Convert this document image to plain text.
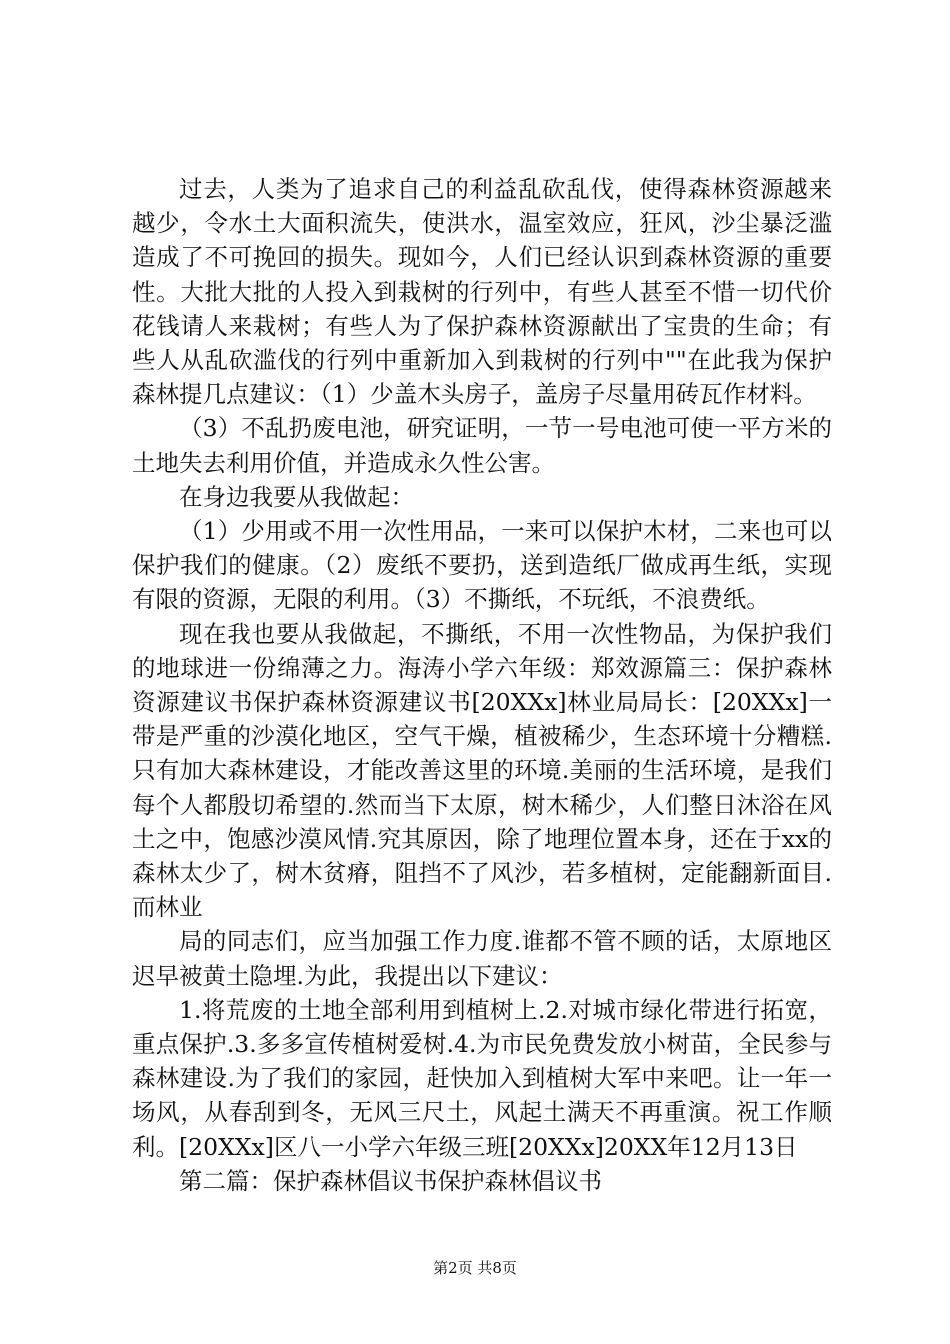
过去，人类为了追求自己的利益乱砍乱伐，使得森林资源越来越少，令水土大面积流失，使洪水，温室效应，狂风，沙尘暴泛滥造成了不可挽回的损失。现如今，人们已经认识到森林资源的重要性。大批大批的人投入到栽树的行列中，有些人甚至不惜一切代价花钱请人来栽树；有些人为了保护森林资源献出了宝贵的生命；有些人从乱砍滥伐的行列中重新加入到栽树的行列中""在此我为保护森林提几点建议：（1）少盖木头房子，盖房子尽量用砖瓦作材料。

（3）不乱扔废电池，研究证明，一节一号电池可使一平方米的土地失去利用价值，并造成永久性公害。

在身边我要从我做起：

（1）少用或不用一次性用品，一来可以保护木材，二来也可以保护我们的健康。（2）废纸不要扔，送到造纸厂做成再生纸，实现有限的资源，无限的利用。（3）不撕纸，不玩纸，不浪费纸。

现在我也要从我做起，不撕纸，不用一次性物品，为保护我们的地球进一份绵薄之力。海涛小学六年级：郑效源篇三：保护森林资源建议书保护森林资源建议书[20XXx]林业局局长：[20XXx]一带是严重的沙漠化地区，空气干燥，植被稀少，生态环境十分糟糕.只有加大森林建设，才能改善这里的环境.美丽的生活环境，是我们每个人都殷切希望的.然而当下太原，树木稀少，人们整日沐浴在风土之中，饱感沙漠风情.究其原因，除了地理位置本身，还在于xx的森林太少了，树木贫瘠，阻挡不了风沙，若多植树，定能翻新面目.而林业

局的同志们，应当加强工作力度.谁都不管不顾的话，太原地区迟早被黄土隐埋.为此，我提出以下建议：

1.将荒废的土地全部利用到植树上.2.对城市绿化带进行拓宽，重点保护.3.多多宣传植树爱树.4.为市民免费发放小树苗，全民参与森林建设.为了我们的家园，赶快加入到植树大军中来吧。让一年一场风，从春刮到冬，无风三尺土，风起土满天不再重演。祝工作顺利。[20XXx]区八一小学六年级三班[20XXx]20XX年12月13日

第二篇：保护森林倡议书保护森林倡议书

第2页 共8页
